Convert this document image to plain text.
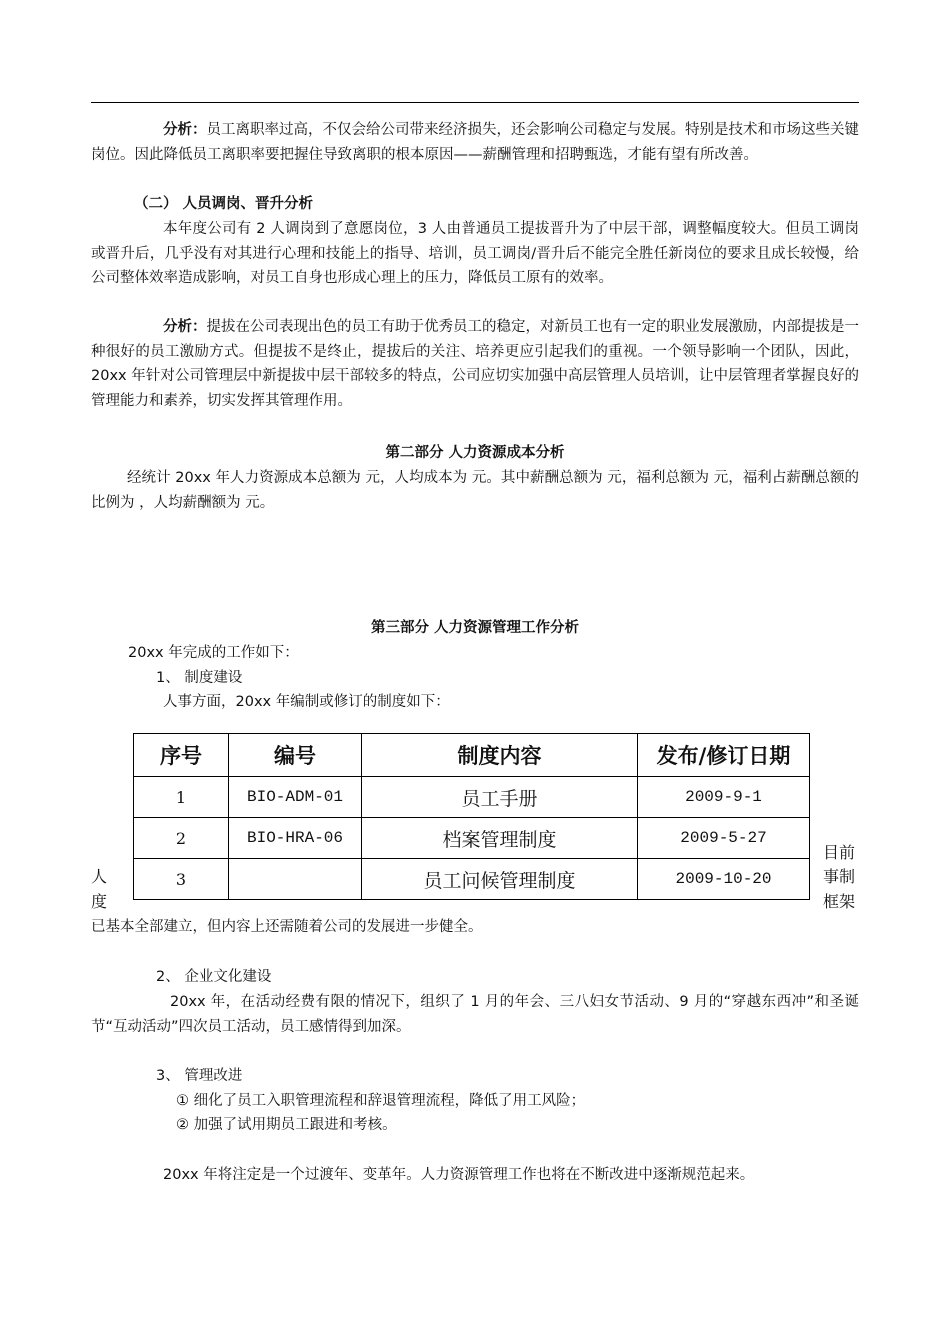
分析：员工离职率过高，不仅会给公司带来经济损失，还会影响公司稳定与发展。特别是技术和市场这些关键岗位。因此降低员工离职率要把握住导致离职的根本原因——薪酬管理和招聘甄选，才能有望有所改善。

（二） 人员调岗、晋升分析

本年度公司有 2 人调岗到了意愿岗位，3 人由普通员工提拔晋升为了中层干部，调整幅度较大。但员工调岗或晋升后，几乎没有对其进行心理和技能上的指导、培训，员工调岗/晋升后不能完全胜任新岗位的要求且成长较慢，给公司整体效率造成影响，对员工自身也形成心理上的压力，降低员工原有的效率。

分析：提拔在公司表现出色的员工有助于优秀员工的稳定，对新员工也有一定的职业发展激励，内部提拔是一种很好的员工激励方式。但提拔不是终止，提拔后的关注、培养更应引起我们的重视。一个领导影响一个团队，因此，20xx 年针对公司管理层中新提拔中层干部较多的特点，公司应切实加强中高层管理人员培训，让中层管理者掌握良好的管理能力和素养，切实发挥其管理作用。

第二部分 人力资源成本分析

经统计 20xx 年人力资源成本总额为 元，人均成本为 元。其中薪酬总额为 元，福利总额为 元，福利占薪酬总额的比例为 ，人均薪酬额为 元。

第三部分 人力资源管理工作分析

20xx 年完成的工作如下：

1、 制度建设

人事方面，20xx 年编制或修订的制度如下：

序号	编号	制度内容	发布/修订日期
1	BIO-ADM-01	员工手册	2009-9-1
2	BIO-HRA-06	档案管理制度	2009-5-27
3		员工问候管理制度	2009-10-20
人
度
目前
事制
框架

已基本全部建立，但内容上还需随着公司的发展进一步健全。

2、 企业文化建设

20xx 年，在活动经费有限的情况下，组织了 1 月的年会、三八妇女节活动、9 月的“穿越东西冲”和圣诞节“互动活动”四次员工活动，员工感情得到加深。

3、 管理改进

① 细化了员工入职管理流程和辞退管理流程，降低了用工风险；

② 加强了试用期员工跟进和考核。

20xx 年将注定是一个过渡年、变革年。人力资源管理工作也将在不断改进中逐渐规范起来。
